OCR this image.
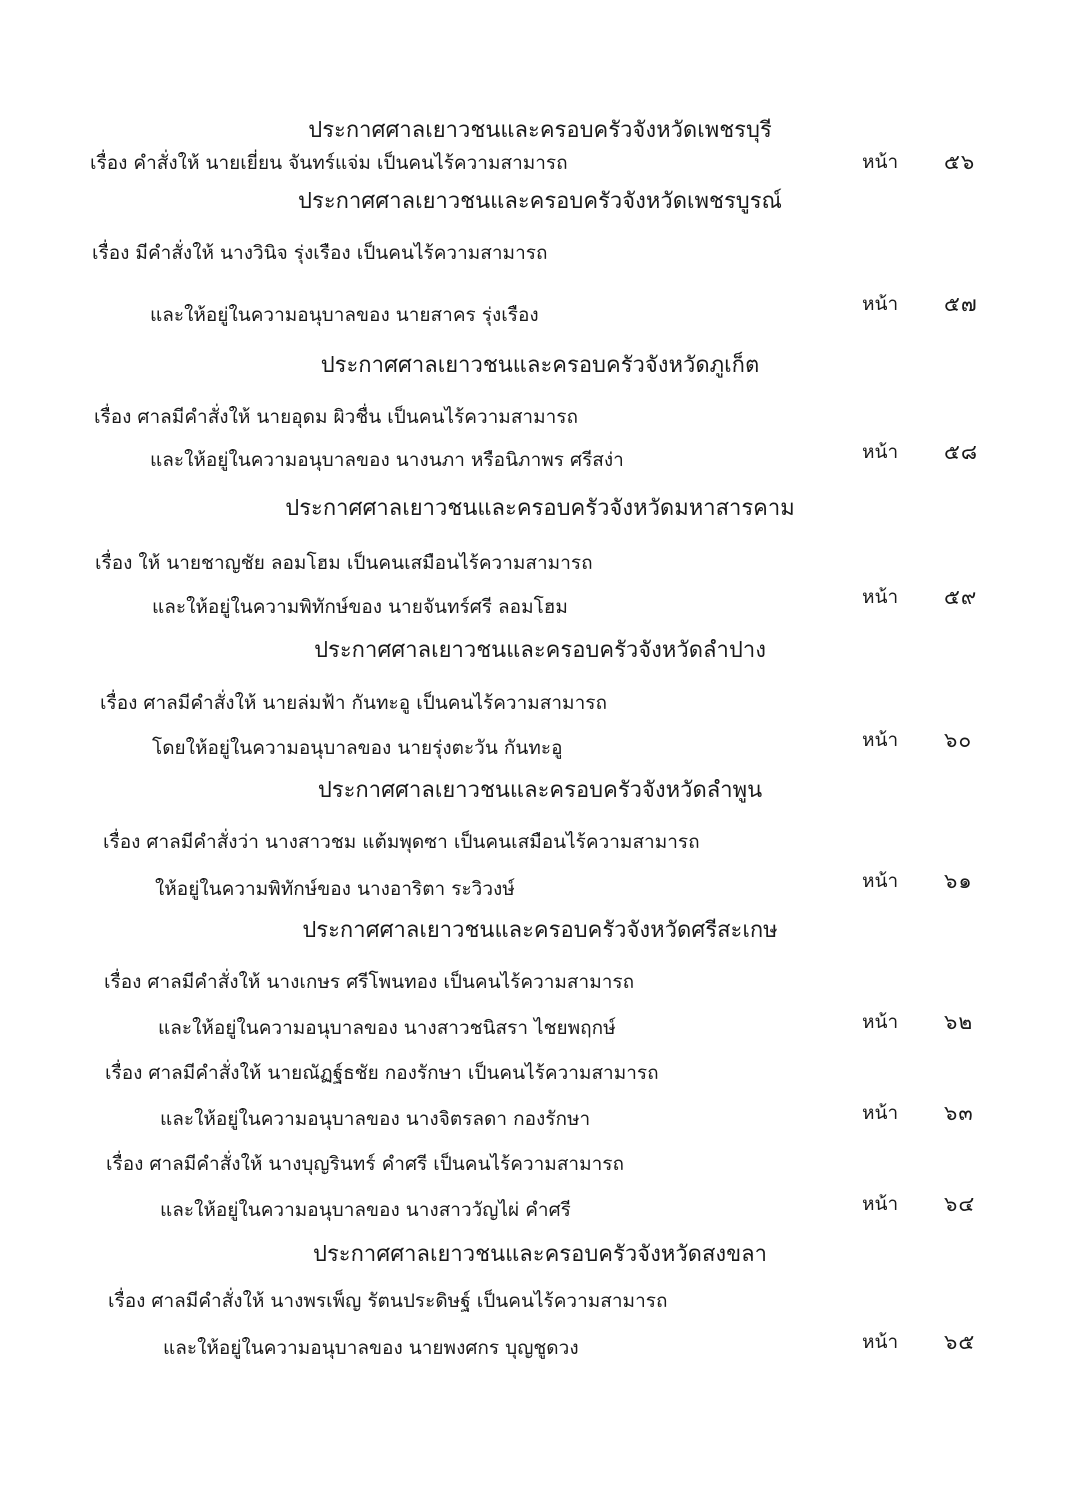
ประกาศศาลเยาวชนและครอบครัวจังหวัดเพชรบุรี
เรื่อง คำสั่งให้ นายเยี่ยน จันทร์แจ่ม เป็นคนไร้ความสามารถ	หน้า ๕๖
ประกาศศาลเยาวชนและครอบครัวจังหวัดเพชรบูรณ์
เรื่อง มีคำสั่งให้ นางวินิจ รุ่งเรือง เป็นคนไร้ความสามารถ
และให้อยู่ในความอนุบาลของ นายสาคร รุ่งเรือง	หน้า ๕๗
ประกาศศาลเยาวชนและครอบครัวจังหวัดภูเก็ต
เรื่อง ศาลมีคำสั่งให้ นายอุดม ผิวชื่น เป็นคนไร้ความสามารถ
และให้อยู่ในความอนุบาลของ นางนภา หรือนิภาพร ศรีสง่า	หน้า ๕๘
ประกาศศาลเยาวชนและครอบครัวจังหวัดมหาสารคาม
เรื่อง ให้ นายชาญชัย ลอมโฮม เป็นคนเสมือนไร้ความสามารถ
และให้อยู่ในความพิทักษ์ของ นายจันทร์ศรี ลอมโฮม	หน้า ๕๙
ประกาศศาลเยาวชนและครอบครัวจังหวัดลำปาง
เรื่อง ศาลมีคำสั่งให้ นายล่มฟ้า กันทะอู เป็นคนไร้ความสามารถ
โดยให้อยู่ในความอนุบาลของ นายรุ่งตะวัน กันทะอู	หน้า ๖๐
ประกาศศาลเยาวชนและครอบครัวจังหวัดลำพูน
เรื่อง ศาลมีคำสั่งว่า นางสาวชม แต้มพุดซา เป็นคนเสมือนไร้ความสามารถ
ให้อยู่ในความพิทักษ์ของ นางอาริตา ระวิวงษ์	หน้า ๖๑
ประกาศศาลเยาวชนและครอบครัวจังหวัดศรีสะเกษ
เรื่อง ศาลมีคำสั่งให้ นางเกษร ศรีโพนทอง เป็นคนไร้ความสามารถ
และให้อยู่ในความอนุบาลของ นางสาวชนิสรา ไชยพฤกษ์	หน้า ๖๒
เรื่อง ศาลมีคำสั่งให้ นายณัฏฐ์ธชัย กองรักษา เป็นคนไร้ความสามารถ
และให้อยู่ในความอนุบาลของ นางจิตรลดา กองรักษา	หน้า ๖๓
เรื่อง ศาลมีคำสั่งให้ นางบุญรินทร์ คำศรี เป็นคนไร้ความสามารถ
และให้อยู่ในความอนุบาลของ นางสาววัญไผ่ คำศรี	หน้า ๖๔
ประกาศศาลเยาวชนและครอบครัวจังหวัดสงขลา
เรื่อง ศาลมีคำสั่งให้ นางพรเพ็ญ รัตนประดิษฐ์ เป็นคนไร้ความสามารถ
และให้อยู่ในความอนุบาลของ นายพงศกร บุญชูดวง	หน้า ๖๕
